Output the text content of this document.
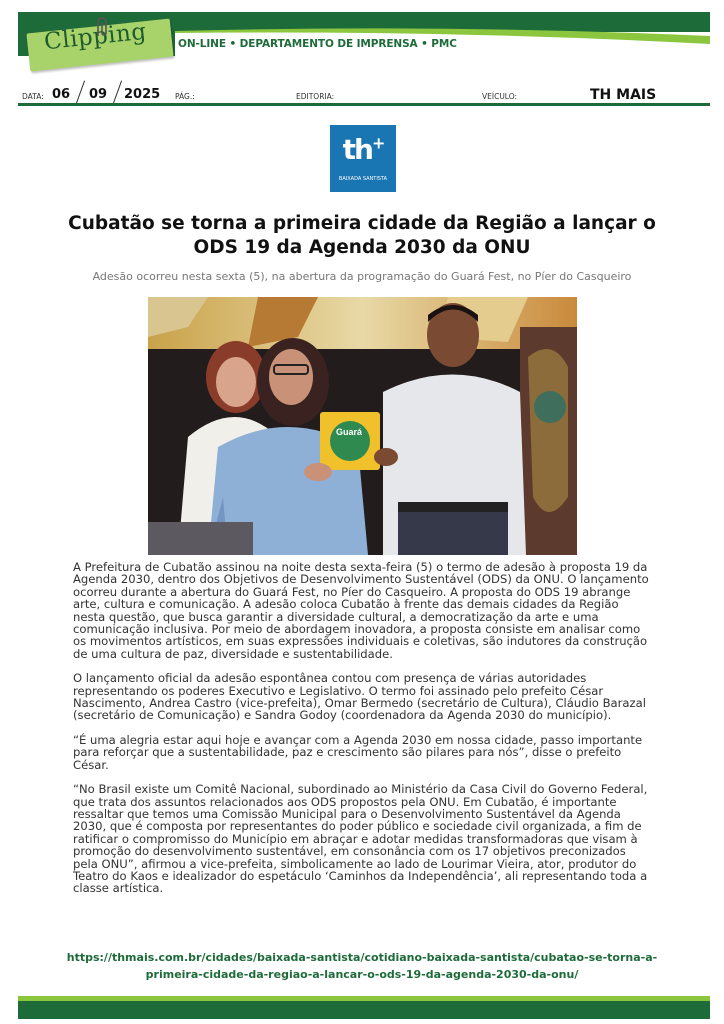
Clipping	ON-LINE • DEPARTAMENTO DE IMPRENSA • PMC
DATA: 06 09 2025 PÁG.:	EDITORIA:	VEÍCULO:	TH MAIS
th+
BAIXADA SANTISTA
Cubatão se torna a primeira cidade da Região a lançar o ODS 19 da Agenda 2030 da ONU
Adesão ocorreu nesta sexta (5), na abertura da programação do Guará Fest, no Píer do Casqueiro
Guará

A Prefeitura de Cubatão assinou na noite desta sexta-feira (5) o termo de adesão à proposta 19 da Agenda 2030, dentro dos Objetivos de Desenvolvimento Sustentável (ODS) da ONU. O lançamento ocorreu durante a abertura do Guará Fest, no Píer do Casqueiro. A proposta do ODS 19 abrange arte, cultura e comunicação. A adesão coloca Cubatão à frente das demais cidades da Região nesta questão, que busca garantir a diversidade cultural, a democratização da arte e uma comunicação inclusiva. Por meio de abordagem inovadora, a proposta consiste em analisar como os movimentos artísticos, em suas expressões individuais e coletivas, são indutores da construção de uma cultura de paz, diversidade e sustentabilidade.

O lançamento oficial da adesão espontânea contou com presença de várias autoridades representando os poderes Executivo e Legislativo. O termo foi assinado pelo prefeito César Nascimento, Andrea Castro (vice-prefeita), Omar Bermedo (secretário de Cultura), Cláudio Barazal (secretário de Comunicação) e Sandra Godoy (coordenadora da Agenda 2030 do município).

“É uma alegria estar aqui hoje e avançar com a Agenda 2030 em nossa cidade, passo importante para reforçar que a sustentabilidade, paz e crescimento são pilares para nós”, disse o prefeito César.

“No Brasil existe um Comitê Nacional, subordinado ao Ministério da Casa Civil do Governo Federal, que trata dos assuntos relacionados aos ODS propostos pela ONU. Em Cubatão, é importante ressaltar que temos uma Comissão Municipal para o Desenvolvimento Sustentável da Agenda 2030, que é composta por representantes do poder público e sociedade civil organizada, a fim de ratificar o compromisso do Município em abraçar e adotar medidas transformadoras que visam à promoção do desenvolvimento sustentável, em consonância com os 17 objetivos preconizados pela ONU”, afirmou a vice-prefeita, simbolicamente ao lado de Lourimar Vieira, ator, produtor do Teatro do Kaos e idealizador do espetáculo ‘Caminhos da Independência’, ali representando toda a classe artística.

https://thmais.com.br/cidades/baixada-santista/cotidiano-baixada-santista/cubatao-se-torna-a-
primeira-cidade-da-regiao-a-lancar-o-ods-19-da-agenda-2030-da-onu/
